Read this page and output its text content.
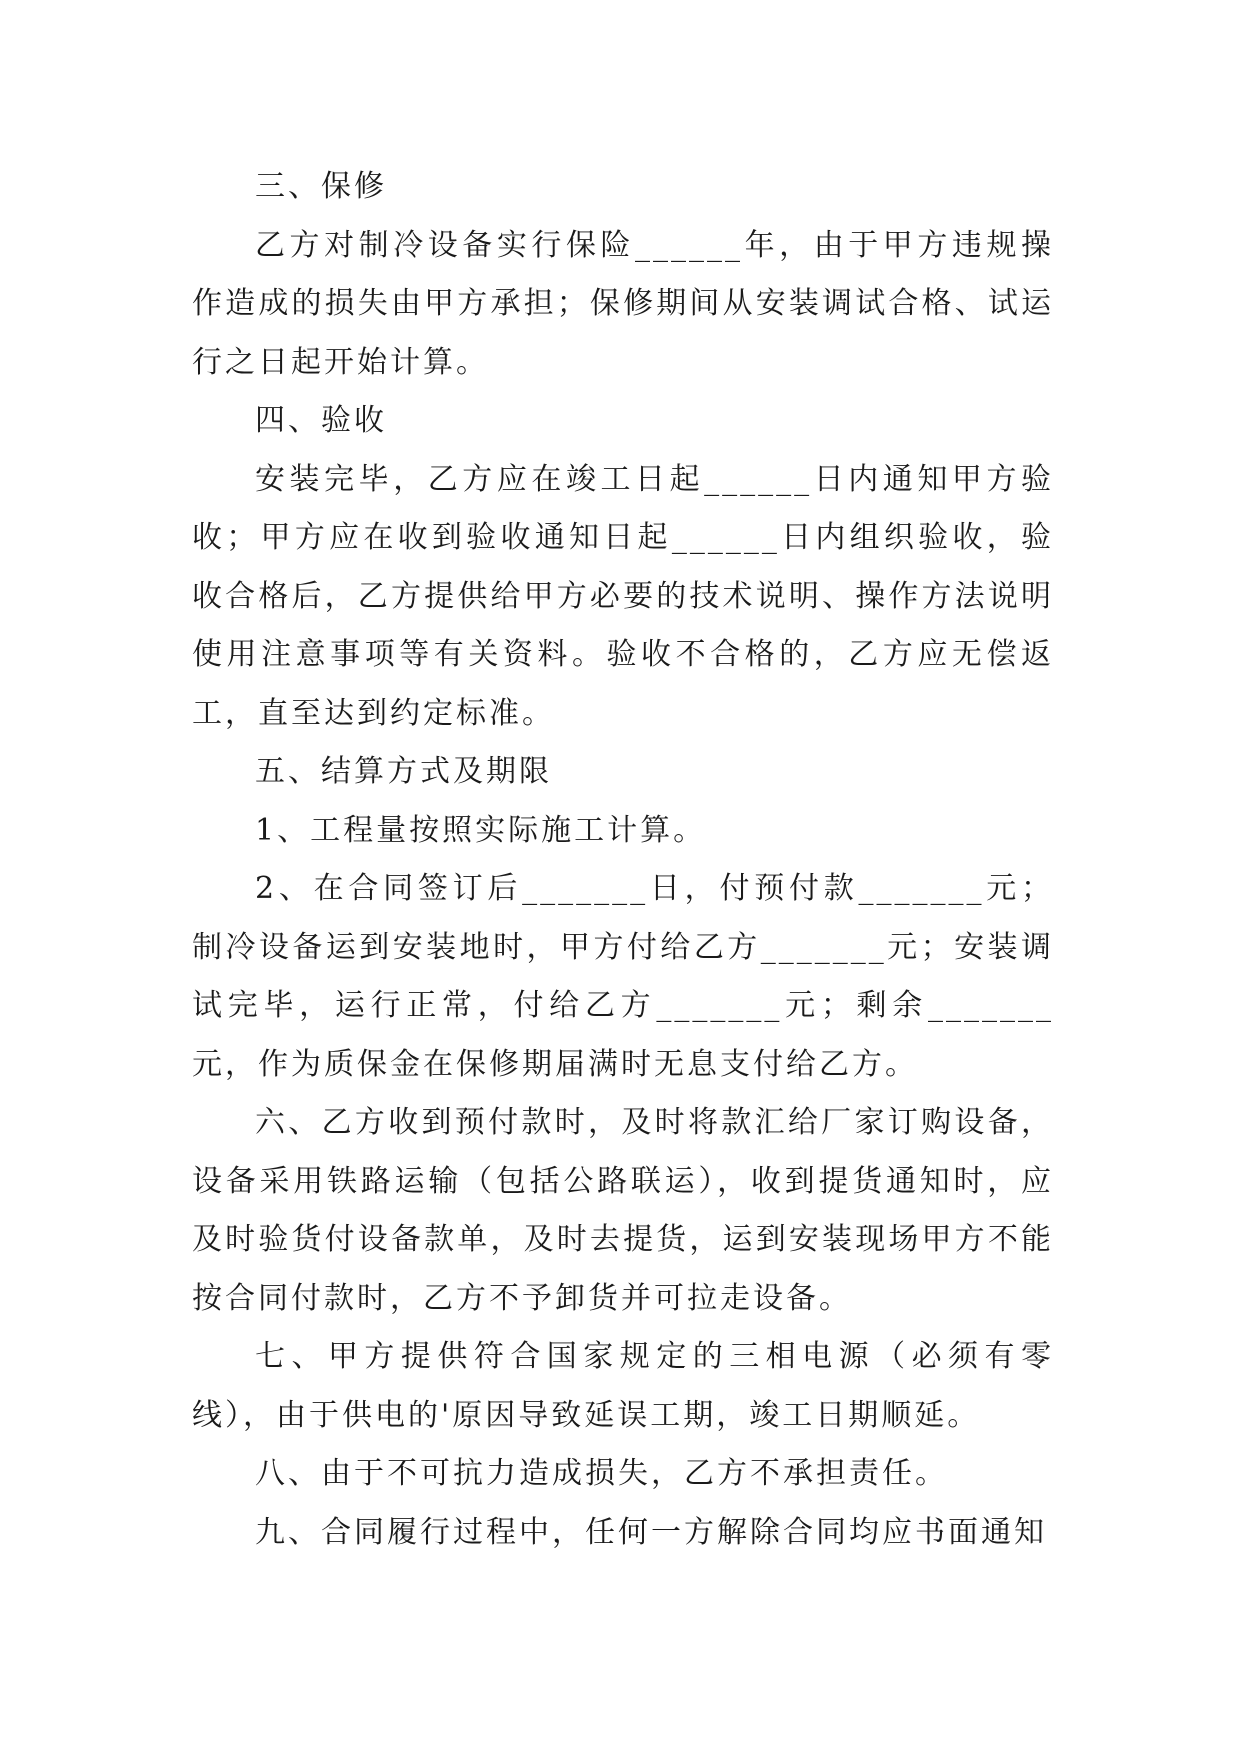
三、保修

乙方对制冷设备实行保险______年，由于甲方违规操作造成的损失由甲方承担；保修期间从安装调试合格、试运行之日起开始计算。

四、验收

安装完毕，乙方应在竣工日起______日内通知甲方验收；甲方应在收到验收通知日起______日内组织验收，验收合格后，乙方提供给甲方必要的技术说明、操作方法说明使用注意事项等有关资料。验收不合格的，乙方应无偿返工，直至达到约定标准。

五、结算方式及期限

1、工程量按照实际施工计算。

2、在合同签订后_______日，付预付款_______元；制冷设备运到安装地时，甲方付给乙方_______元；安装调试完毕，运行正常，付给乙方_______元；剩余_______元，作为质保金在保修期届满时无息支付给乙方。

六、乙方收到预付款时，及时将款汇给厂家订购设备，设备采用铁路运输（包括公路联运），收到提货通知时，应及时验货付设备款单，及时去提货，运到安装现场甲方不能按合同付款时，乙方不予卸货并可拉走设备。

七、甲方提供符合国家规定的三相电源（必须有零线），由于供电的'原因导致延误工期，竣工日期顺延。

八、由于不可抗力造成损失，乙方不承担责任。

九、合同履行过程中，任何一方解除合同均应书面通知
